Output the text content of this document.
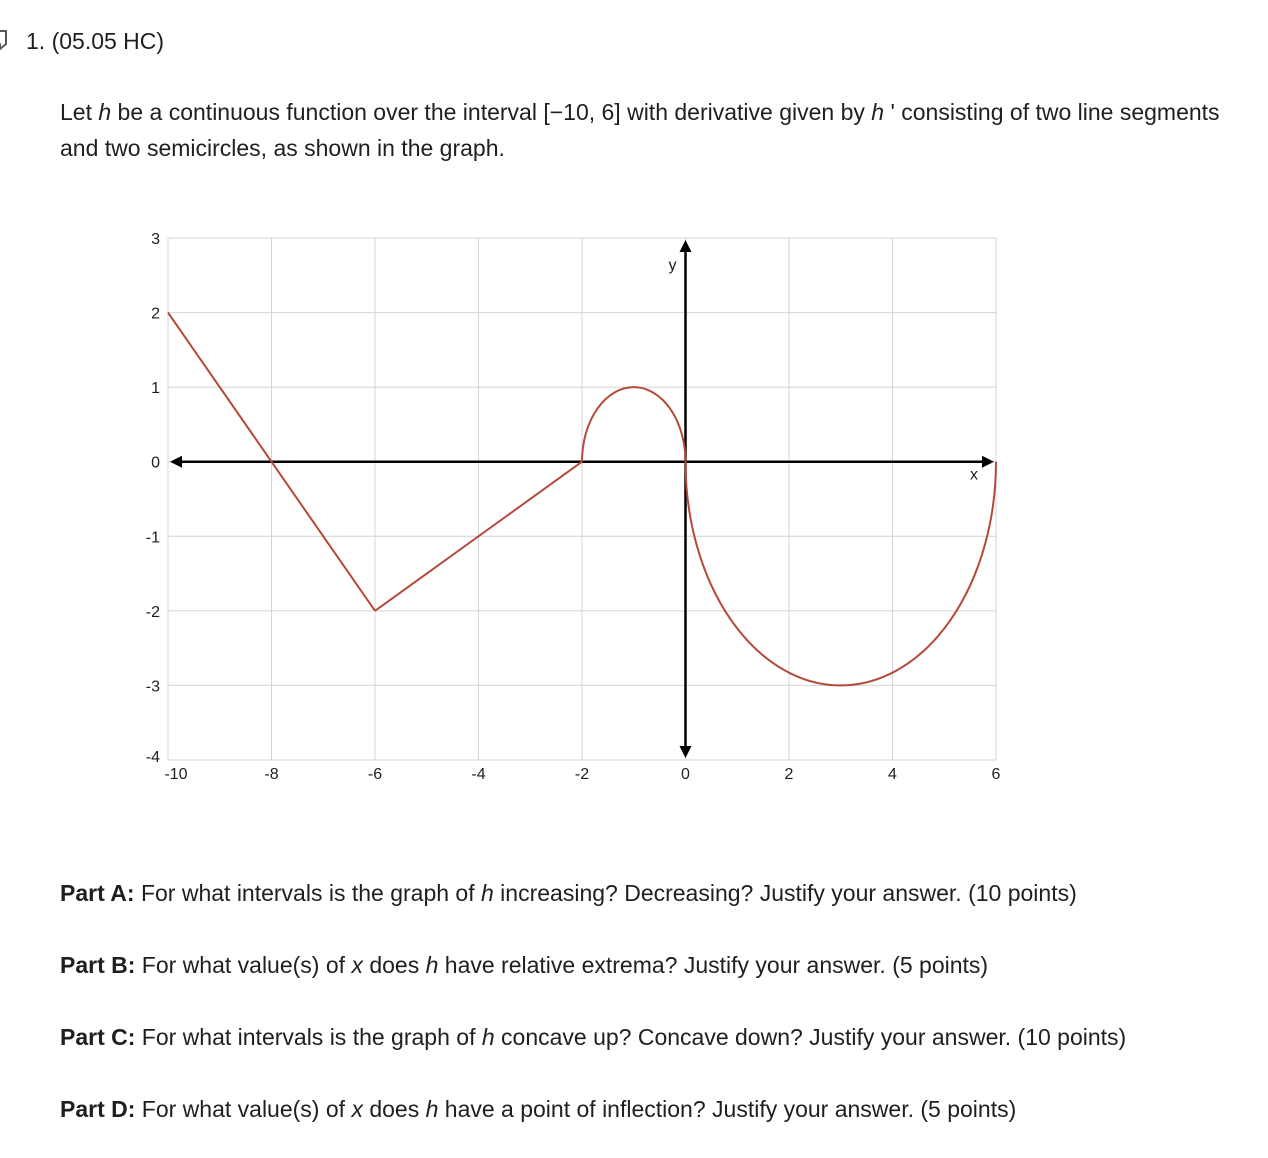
1. (05.05 HC)
Let h be a continuous function over the interval [−10, 6] with derivative given by h ' consisting of two line segments and two semicircles, as shown in the graph.
x
y
-10	-8	-6	-4	-2	0	2	4	6
3
2
1
0
-1
-2
-3
-4
Part A: For what intervals is the graph of h increasing? Decreasing? Justify your answer. (10 points)
Part B: For what value(s) of x does h have relative extrema? Justify your answer. (5 points)
Part C: For what intervals is the graph of h concave up? Concave down? Justify your answer. (10 points)
Part D: For what value(s) of x does h have a point of inflection? Justify your answer. (5 points)
